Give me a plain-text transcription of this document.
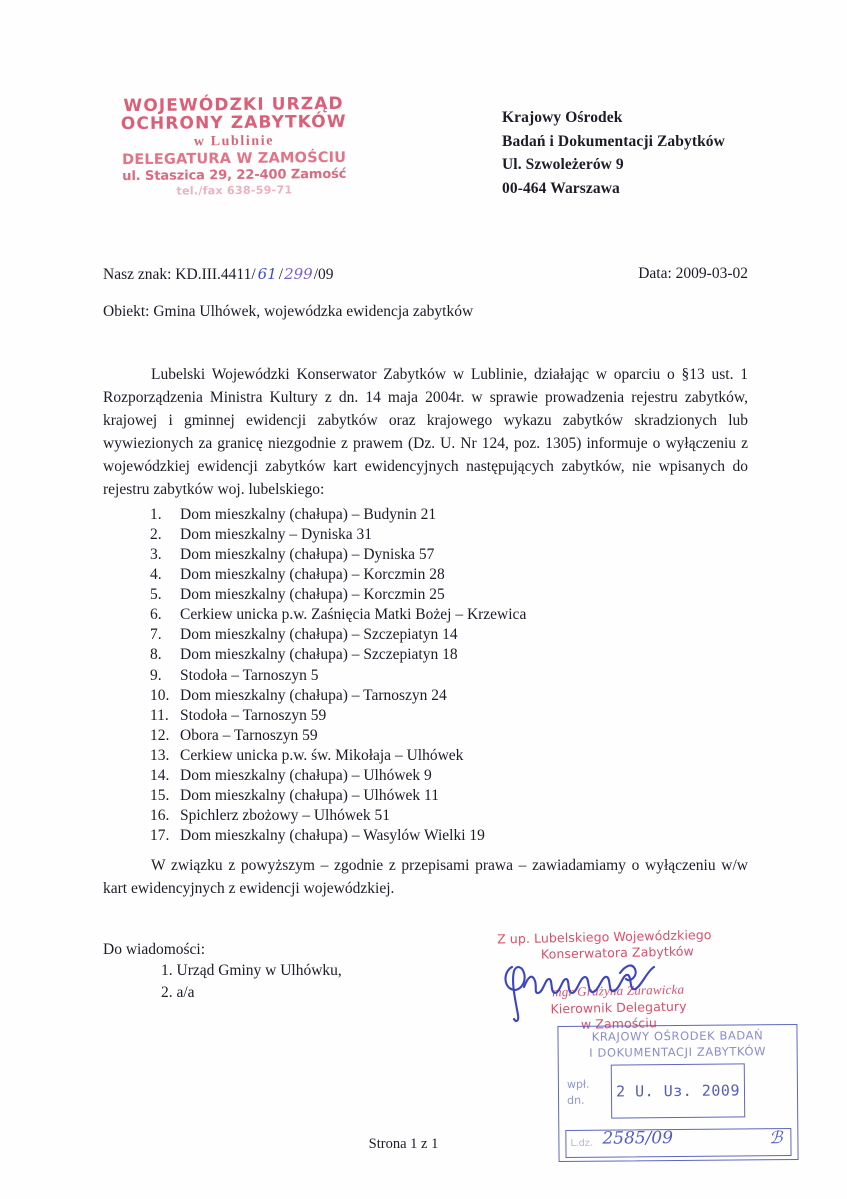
WOJEWÓDZKI URZĄD
OCHRONY ZABYTKÓW
w Lublinie
DELEGATURA W ZAMOŚCIU
ul. Staszica 29, 22-400 Zamość
tel./fax 638-59-71
Krajowy Ośrodek
Badań i Dokumentacji Zabytków
Ul. Szwoleżerów 9
00-464 Warszawa
Nasz znak: KD.III.4411/ 61 /299/09	Data: 2009-03-02
Obiekt: Gmina Ulhówek, wojewódzka ewidencja zabytków
Lubelski Wojewódzki Konserwator Zabytków w Lublinie, działając w oparciu o §13 ust. 1 Rozporządzenia Ministra Kultury z dn. 14 maja 2004r. w sprawie prowadzenia rejestru zabytków, krajowej i gminnej ewidencji zabytków oraz krajowego wykazu zabytków skradzionych lub wywiezionych za granicę niezgodnie z prawem (Dz. U. Nr 124, poz. 1305) informuje o wyłączeniu z wojewódzkiej ewidencji zabytków kart ewidencyjnych następujących zabytków, nie wpisanych do rejestru zabytków woj. lubelskiego:
1. Dom mieszkalny (chałupa) – Budynin 21
2. Dom mieszkalny – Dyniska 31
3. Dom mieszkalny (chałupa) – Dyniska 57
4. Dom mieszkalny (chałupa) – Korczmin 28
5. Dom mieszkalny (chałupa) – Korczmin 25
6. Cerkiew unicka p.w. Zaśnięcia Matki Bożej – Krzewica
7. Dom mieszkalny (chałupa) – Szczepiatyn 14
8. Dom mieszkalny (chałupa) – Szczepiatyn 18
9. Stodoła – Tarnoszyn 5
10. Dom mieszkalny (chałupa) – Tarnoszyn 24
11. Stodoła – Tarnoszyn 59
12. Obora – Tarnoszyn 59
13. Cerkiew unicka p.w. św. Mikołaja – Ulhówek
14. Dom mieszkalny (chałupa) – Ulhówek 9
15. Dom mieszkalny (chałupa) – Ulhówek 11
16. Spichlerz zbożowy – Ulhówek 51
17. Dom mieszkalny (chałupa) – Wasylów Wielki 19
W związku z powyższym – zgodnie z przepisami prawa – zawiadamiamy o wyłączeniu w/w kart ewidencyjnych z ewidencji wojewódzkiej.
Do wiadomości:
1. Urząd Gminy w Ulhówku,
2. a/a
Z up. Lubelskiego Wojewódzkiego
Konserwatora Zabytków
mgr Grażyna Żurawicka
Kierownik Delegatury
w Zamościu
KRAJOWY OŚRODEK BADAŃ
I DOKUMENTACJI ZABYTKÓW
wpł.
dn.	2 U. Uɜ. 2009
L.dz. 2585/09	ℬ
Strona 1 z 1
